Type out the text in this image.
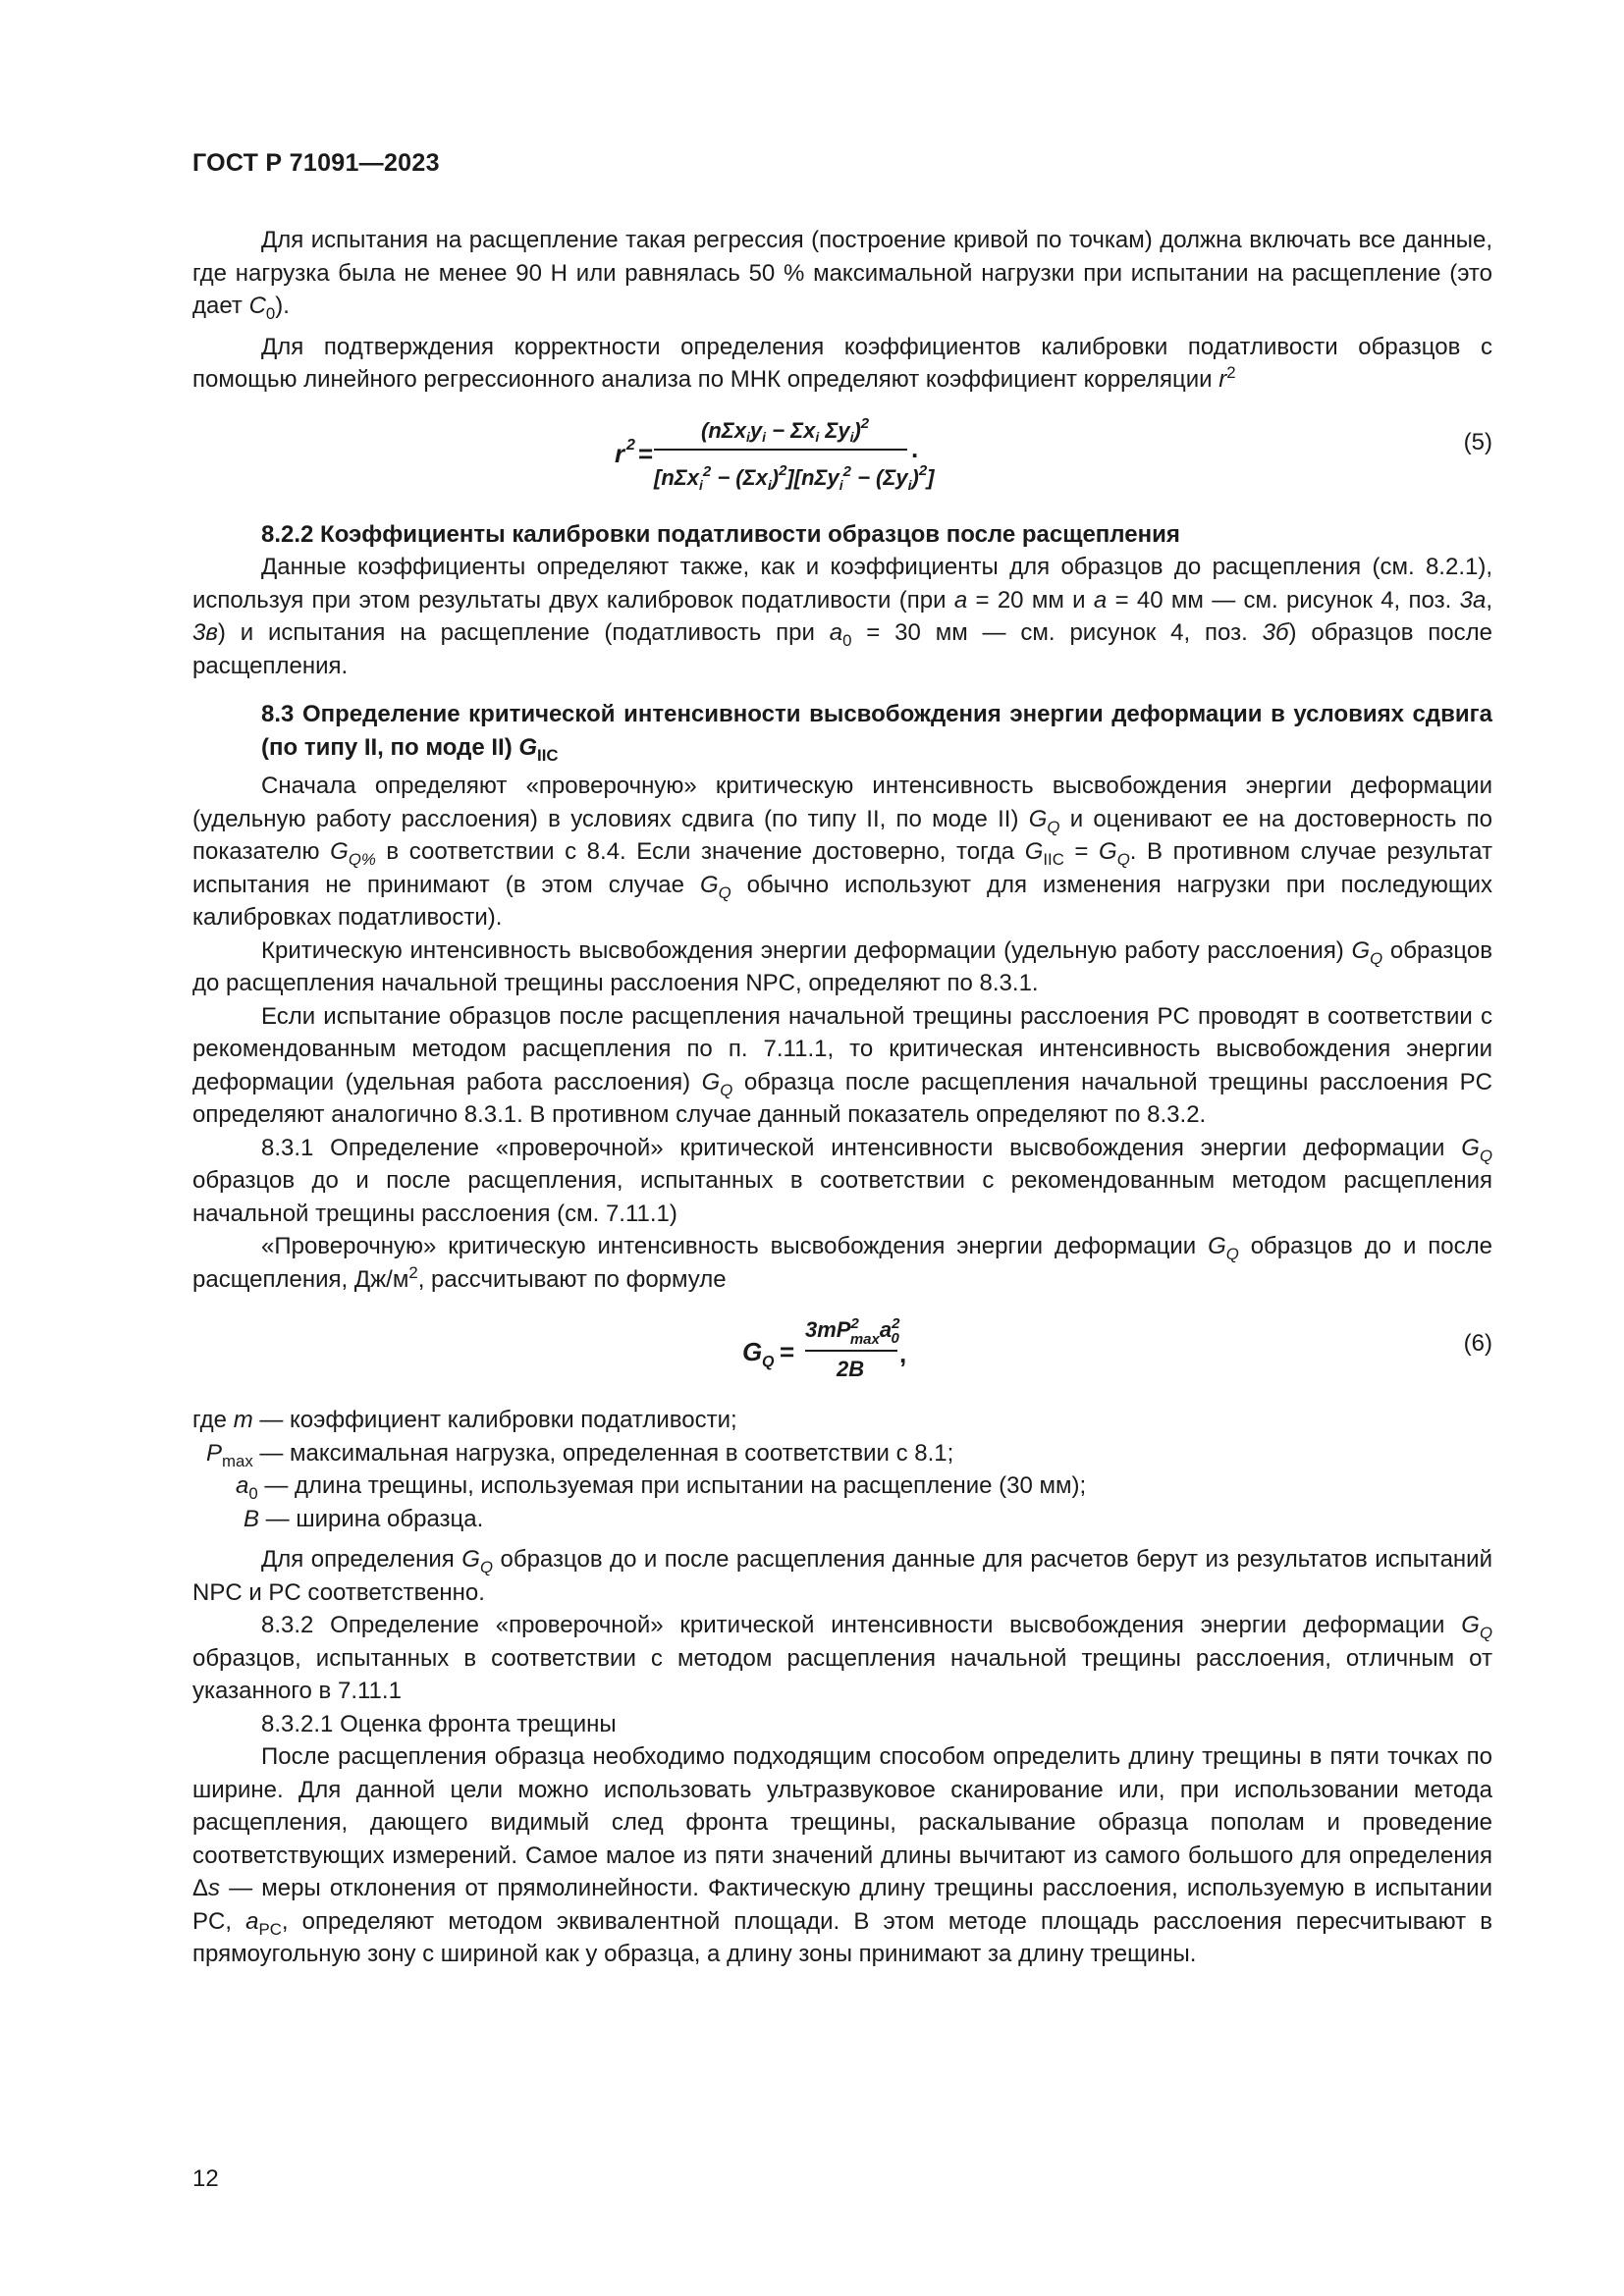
ГОСТ Р 71091—2023

Для испытания на расщепление такая регрессия (построение кривой по точкам) должна включать все данные, где нагрузка была не менее 90 Н или равнялась 50 % максимальной нагрузки при испытании на расщепление (это дает $C_0$).

Для подтверждения корректности определения коэффициентов калибровки податливости образцов с помощью линейного регрессионного анализа по МНК определяют коэффициент корреляции $r^2$

r 2 =
(nΣxiyi − Σxi Σyi)$^2$
$[n\Sigma x_i^2 - (\Sigma x_i)^2][n\Sigma y_i^2 - (\Sigma y_i)^2]$
.	(5)
8.2.2 Коэффициенты калибровки податливости образцов после расщепления

Данные коэффициенты определяют также, как и коэффициенты для образцов до расщепления (см. 8.2.1), используя при этом результаты двух калибровок податливости (при a = 20 мм и a = 40 мм — см. рисунок 4, поз. 3а, 3в) и испытания на расщепление (податливость при $a_0 = 30$ мм — см. рисунок 4, поз. 3б) образцов после расщепления.

8.3 Определение критической интенсивности высвобождения энергии деформации в условиях сдвига (по типу II, по моде II) $G_{IIC}$

Сначала определяют «проверочную» критическую интенсивность высвобождения энергии деформации (удельную работу расслоения) в условиях сдвига (по типу II, по моде II) $G_Q$ и оценивают ее на достоверность по показателю $G_{Q\%}$ в соответствии с 8.4. Если значение достоверно, тогда $G_{IIC} = G_Q$. В противном случае результат испытания не принимают (в этом случае $G_Q$ обычно используют для изменения нагрузки при последующих калибровках податливости).

Критическую интенсивность высвобождения энергии деформации (удельную работу расслоения) $G_Q$ образцов до расщепления начальной трещины расслоения NPC, определяют по 8.3.1.

Если испытание образцов после расщепления начальной трещины расслоения PC проводят в соответствии с рекомендованным методом расщепления по п. 7.11.1, то критическая интенсивность высвобождения энергии деформации (удельная работа расслоения) $G_Q$ образца после расщепления начальной трещины расслоения PC определяют аналогично 8.3.1. В противном случае данный показатель определяют по 8.3.2.

8.3.1 Определение «проверочной» критической интенсивности высвобождения энергии деформации $G_Q$ образцов до и после расщепления, испытанных в соответствии с рекомендованным методом расщепления начальной трещины расслоения (см. 7.11.1)

«Проверочную» критическую интенсивность высвобождения энергии деформации $G_Q$ образцов до и после расщепления, $Дж/м^2$, рассчитывают по формуле

G Q =
$3mP^2$ maxa$^2$ 0
2B
,	(6)
где m — коэффициент калибровки податливости;
$P_{max}$ — максимальная нагрузка, определенная в соответствии с 8.1;
$a_0$ — длина трещины, используемая при испытании на расщепление (30 мм);
B — ширина образца.

Для определения $G_Q$ образцов до и после расщепления данные для расчетов берут из результатов испытаний NPC и PC соответственно.

8.3.2 Определение «проверочной» критической интенсивности высвобождения энергии деформации $G_Q$ образцов, испытанных в соответствии с методом расщепления начальной трещины расслоения, отличным от указанного в 7.11.1

8.3.2.1 Оценка фронта трещины

После расщепления образца необходимо подходящим способом определить длину трещины в пяти точках по ширине. Для данной цели можно использовать ультразвуковое сканирование или, при использовании метода расщепления, дающего видимый след фронта трещины, раскалывание образца пополам и проведение соответствующих измерений. Самое малое из пяти значений длины вычитают из самого большого для определения Δs — меры отклонения от прямолинейности. Фактическую длину трещины расслоения, используемую в испытании PC, $a_{PC}$, определяют методом эквивалентной площади. В этом методе площадь расслоения пересчитывают в прямоугольную зону с шириной как у образца, а длину зоны принимают за длину трещины.

12
